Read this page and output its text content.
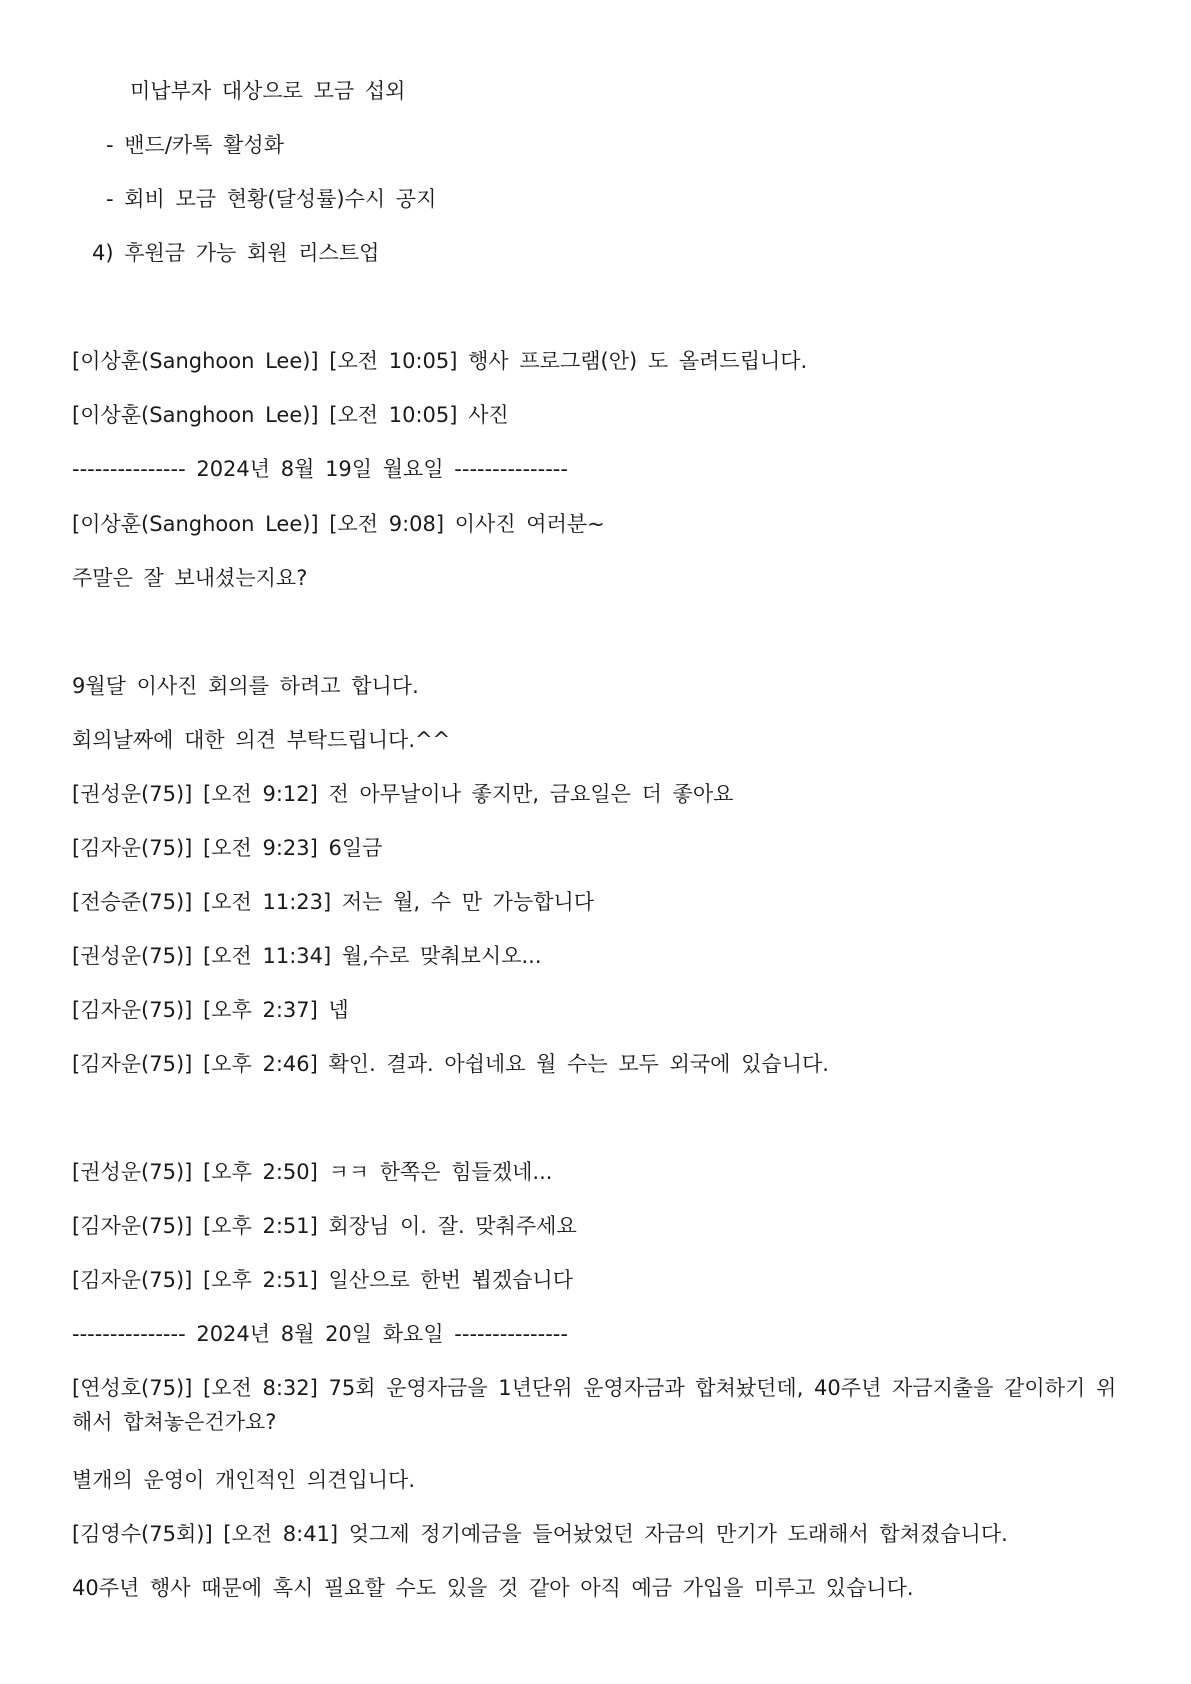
미납부자 대상으로 모금 섭외
- 밴드/카톡 활성화
- 회비 모금 현황(달성률)수시 공지
4) 후원금 가능 회원 리스트업
[이상훈(Sanghoon Lee)] [오전 10:05] 행사 프로그램(안) 도 올려드립니다.
[이상훈(Sanghoon Lee)] [오전 10:05] 사진
--------------- 2024년 8월 19일 월요일 ---------------
[이상훈(Sanghoon Lee)] [오전 9:08] 이사진 여러분~
주말은 잘 보내셨는지요?
9월달 이사진 회의를 하려고 합니다.
회의날짜에 대한 의견 부탁드립니다.^^
[권성운(75)] [오전 9:12] 전 아무날이나 좋지만, 금요일은 더 좋아요
[김자운(75)] [오전 9:23] 6일금
[전승준(75)] [오전 11:23] 저는 월, 수 만 가능합니다
[권성운(75)] [오전 11:34] 월,수로 맞춰보시오...
[김자운(75)] [오후 2:37] 넵
[김자운(75)] [오후 2:46] 확인. 결과. 아쉽네요 월 수는 모두 외국에 있습니다.
[권성운(75)] [오후 2:50] ㅋㅋ 한쪽은 힘들겠네...
[김자운(75)] [오후 2:51] 회장님 이. 잘. 맞춰주세요
[김자운(75)] [오후 2:51] 일산으로 한번 뵙겠습니다
--------------- 2024년 8월 20일 화요일 ---------------
[연성호(75)] [오전 8:32] 75회 운영자금을 1년단위 운영자금과 합쳐놨던데, 40주년 자금지출을 같이하기 위해서 합쳐놓은건가요?
별개의 운영이 개인적인 의견입니다.
[김영수(75회)] [오전 8:41] 엊그제 정기예금을 들어놨었던 자금의 만기가 도래해서 합쳐졌습니다.
40주년 행사 때문에 혹시 필요할 수도 있을 것 같아 아직 예금 가입을 미루고 있습니다.
